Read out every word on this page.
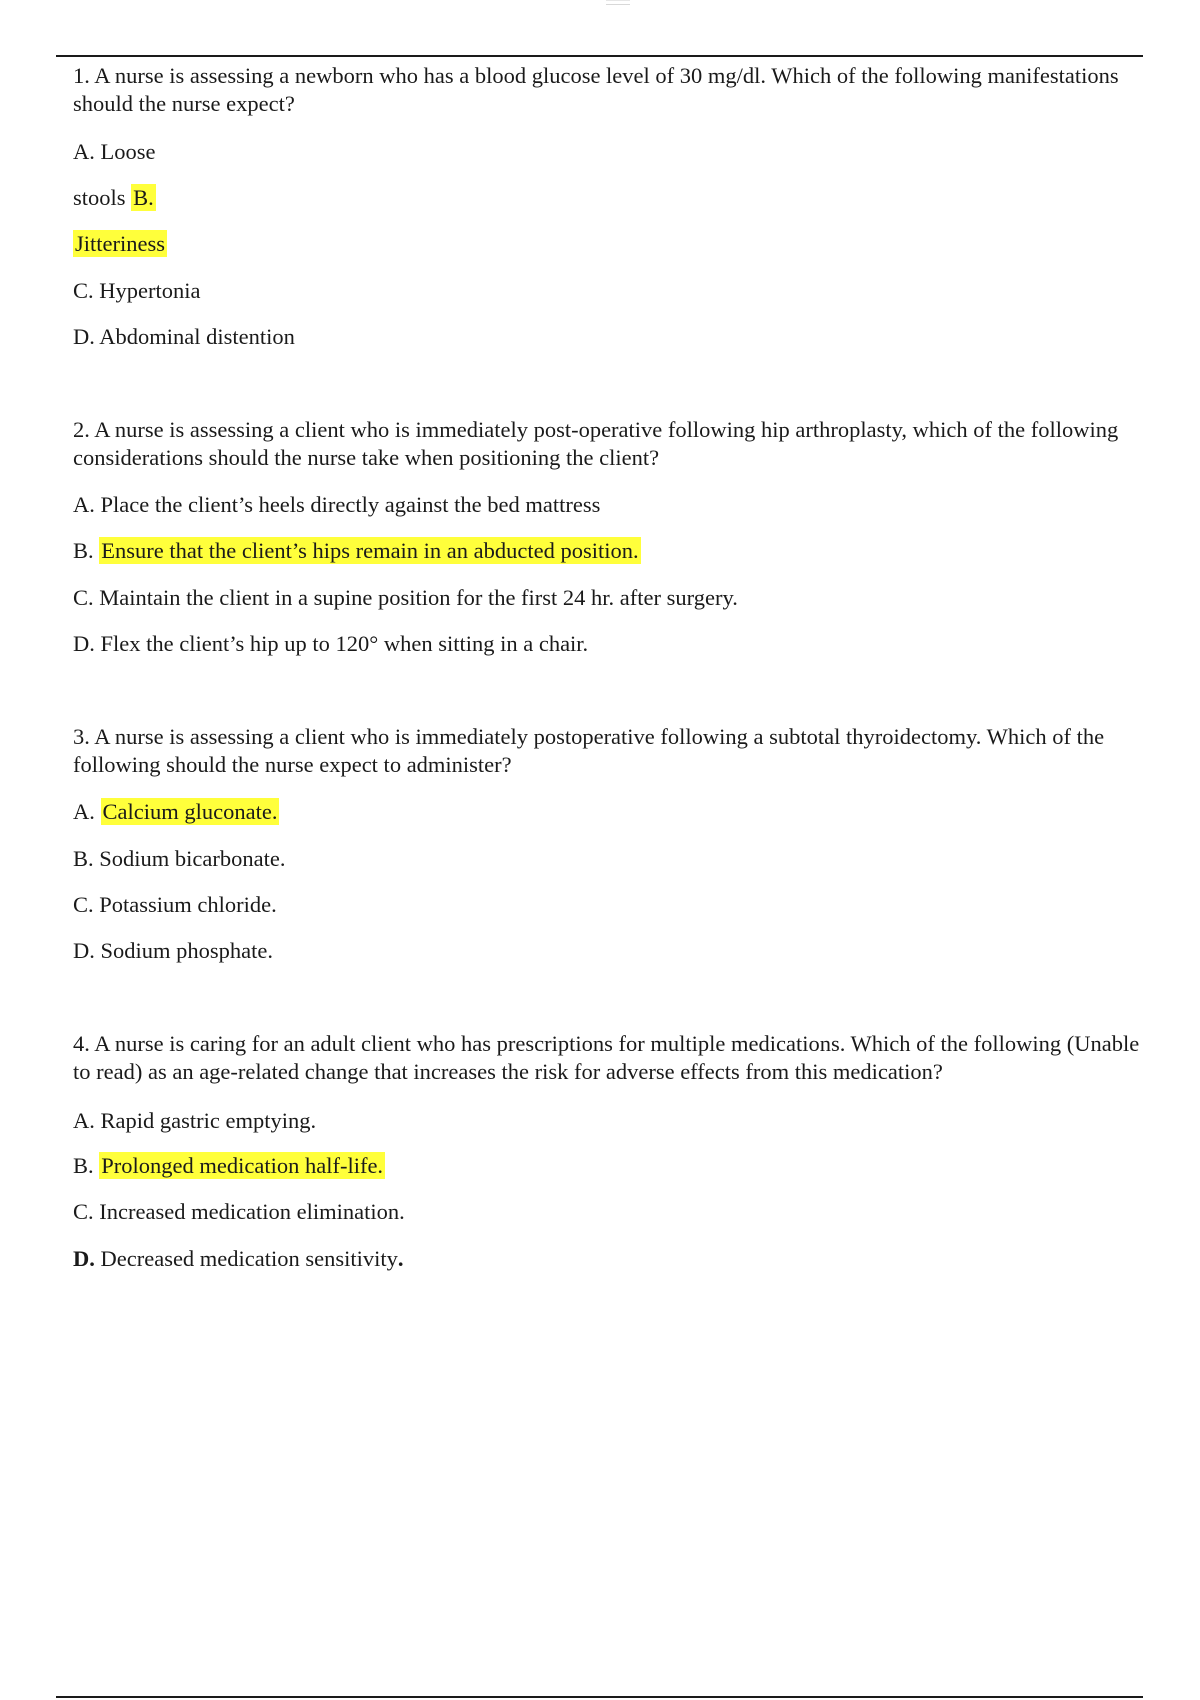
1. A nurse is assessing a newborn who has a blood glucose level of 30 mg/dl. Which of the following manifestations should the nurse expect?

A. Loose

stools B.

Jitteriness

C. Hypertonia

D. Abdominal distention

2. A nurse is assessing a client who is immediately post-operative following hip arthroplasty, which of the following considerations should the nurse take when positioning the client?

A. Place the client’s heels directly against the bed mattress

B. Ensure that the client’s hips remain in an abducted position.

C. Maintain the client in a supine position for the first 24 hr. after surgery.

D. Flex the client’s hip up to 120° when sitting in a chair.

3. A nurse is assessing a client who is immediately postoperative following a subtotal thyroidectomy. Which of the following should the nurse expect to administer?

A. Calcium gluconate.

B. Sodium bicarbonate.

C. Potassium chloride.

D. Sodium phosphate.

4. A nurse is caring for an adult client who has prescriptions for multiple medications. Which of the following (Unable to read) as an age-related change that increases the risk for adverse effects from this medication?

A. Rapid gastric emptying.

B. Prolonged medication half-life.

C. Increased medication elimination.

D. Decreased medication sensitivity.
